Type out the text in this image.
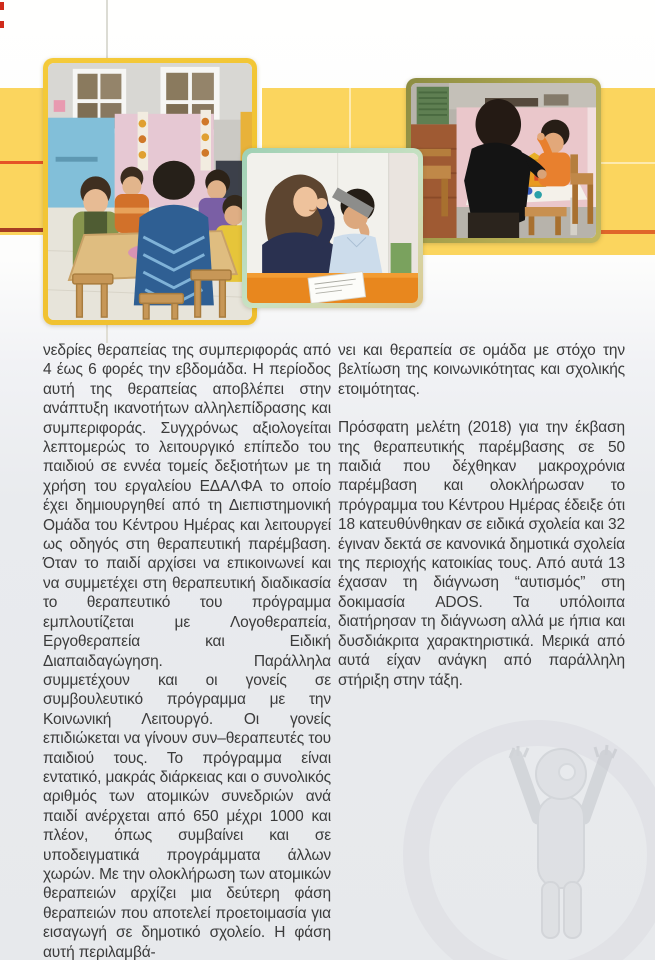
νεδρίες θεραπείας της συμπεριφοράς από 4 έως 6 φορές την εβδομάδα. Η περίοδος αυτή της θεραπείας αποβλέπει στην ανάπτυξη ικανοτήτων αλληλεπίδρασης και συμπεριφοράς. Συγχρόνως αξιολογείται λεπτομερώς το λειτουργικό επίπεδο του παιδιού σε εννέα τομείς δεξιοτήτων με τη χρήση του εργαλείου ΕΔΑΛΦΑ το οποίο έχει δημιουργηθεί από τη Διεπιστημονική Ομάδα του Κέντρου Ημέρας και λειτουργεί ως οδηγός στη θεραπευτική παρέμβαση. Όταν το παιδί αρχίσει να επικοινωνεί και να συμμετέχει στη θεραπευτική διαδικασία το θεραπευτικό του πρόγραμμα εμπλουτίζεται με Λογοθεραπεία, Εργοθεραπεία και Ειδική Διαπαιδαγώγηση. Παράλληλα συμμετέχουν και οι γονείς σε συμβουλευτικό πρόγραμμα με την Κοινωνική Λειτουργό. Οι γονείς επιδιώκεται να γίνουν συν–θεραπευτές του παιδιού τους. Το πρόγραμμα είναι εντατικό, μακράς διάρκειας και ο συνολικός αριθμός των ατομικών συνεδριών ανά παιδί ανέρχεται από 650 μέχρι 1000 και πλέον, όπως συμβαίνει και σε υποδειγματικά προγράμματα άλλων χωρών. Με την ολοκλήρωση των ατομικών θεραπειών αρχίζει μια δεύτερη φάση θεραπειών που αποτελεί προετοιμασία για εισαγωγή σε δημοτικό σχολείο. Η φάση αυτή περιλαμβά-

νει και θεραπεία σε ομάδα με στόχο την βελτίωση της κοινωνικότητας και σχολικής ετοιμότητας.

Πρόσφατη μελέτη (2018) για την έκβαση της θεραπευτικής παρέμβασης σε 50 παιδιά που δέχθηκαν μακροχρόνια παρέμβαση και ολοκλήρωσαν το πρόγραμμα του Κέντρου Ημέρας έδειξε ότι 18 κατευθύνθηκαν σε ειδικά σχολεία και 32 έγιναν δεκτά σε κανονικά δημοτικά σχολεία της περιοχής κατοικίας τους. Από αυτά 13 έχασαν τη διάγνωση “αυτισμός” στη δοκιμασία ADOS. Τα υπόλοιπα διατήρησαν τη διάγνωση αλλά με ήπια και δυσδιάκριτα χαρακτηριστικά. Μερικά από αυτά είχαν ανάγκη από παράλληλη στήριξη στην τάξη.
